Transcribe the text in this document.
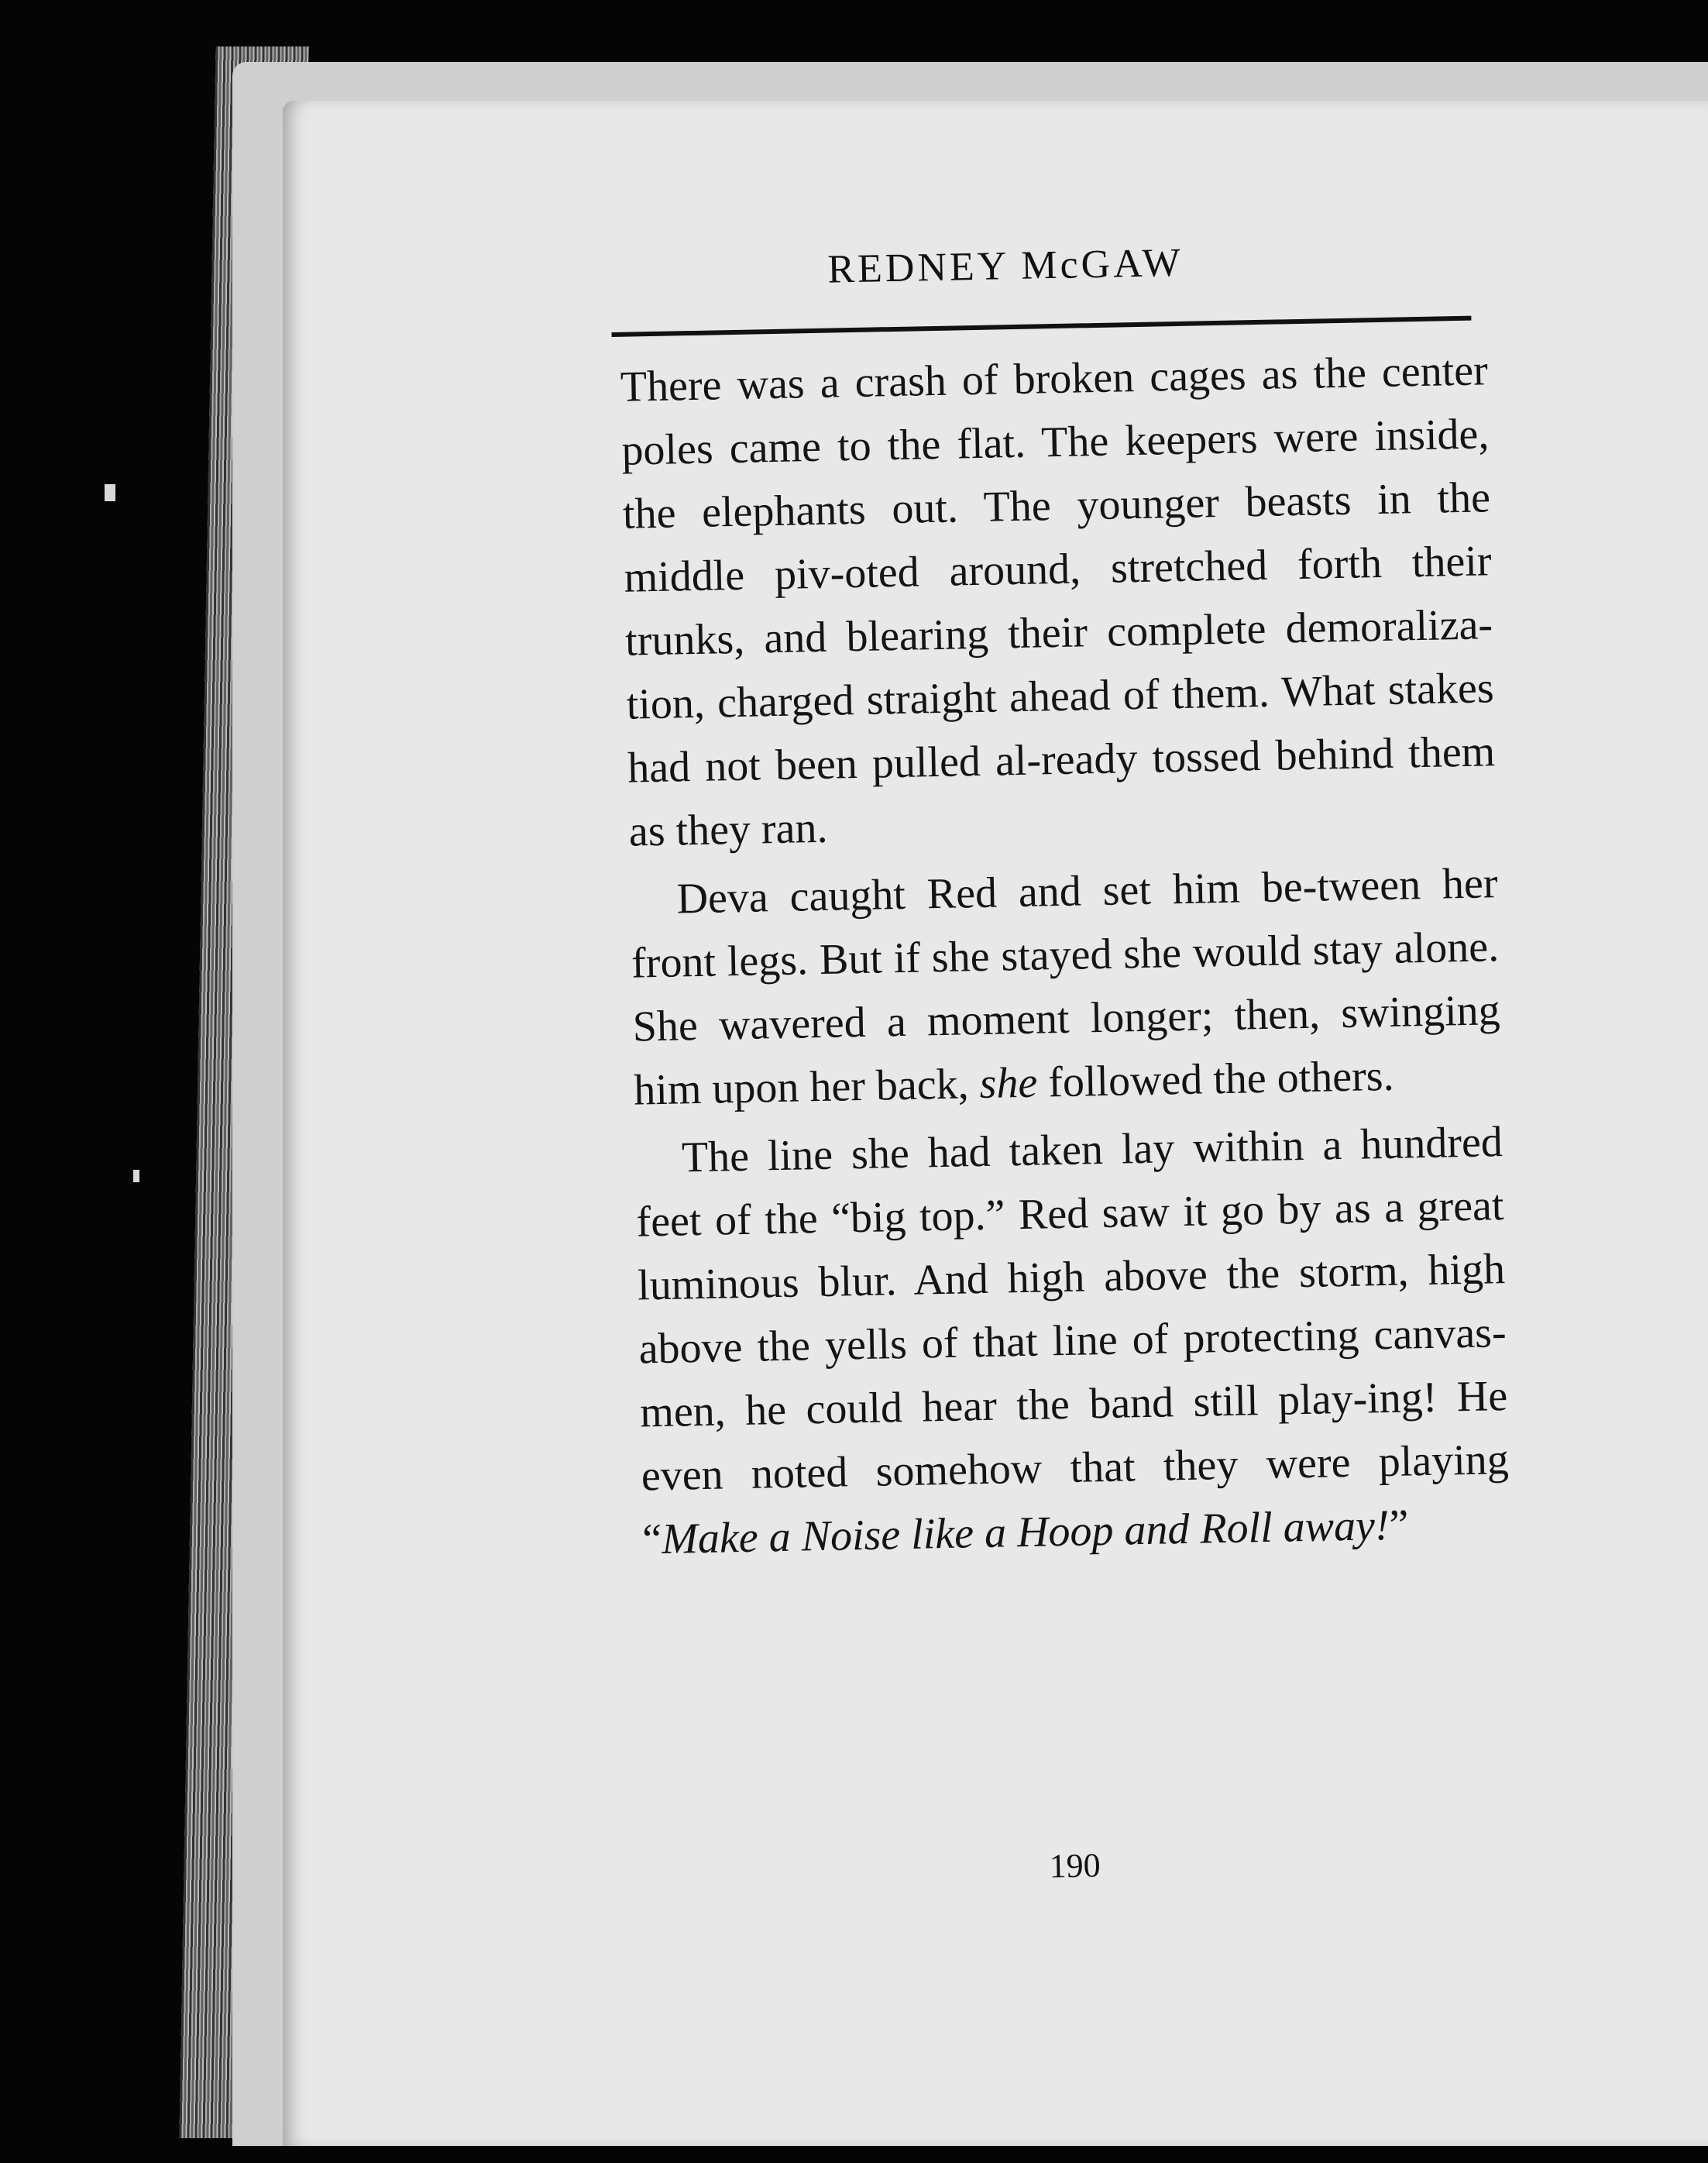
REDNEY McGAW

There was a crash of broken cages as the center poles came to the flat. The keepers were inside, the elephants out. The younger beasts in the middle piv-oted around, stretched forth their trunks, and blearing their complete demoraliza-tion, charged straight ahead of them. What stakes had not been pulled al-ready tossed behind them as they ran.

Deva caught Red and set him be-tween her front legs. But if she stayed she would stay alone. She wavered a moment longer; then, swinging him upon her back, she followed the others.

The line she had taken lay within a hundred feet of the “big top.” Red saw it go by as a great luminous blur. And high above the storm, high above the yells of that line of protecting canvas-men, he could hear the band still play-ing! He even noted somehow that they were playing “Make a Noise like a Hoop and Roll away!”

190
